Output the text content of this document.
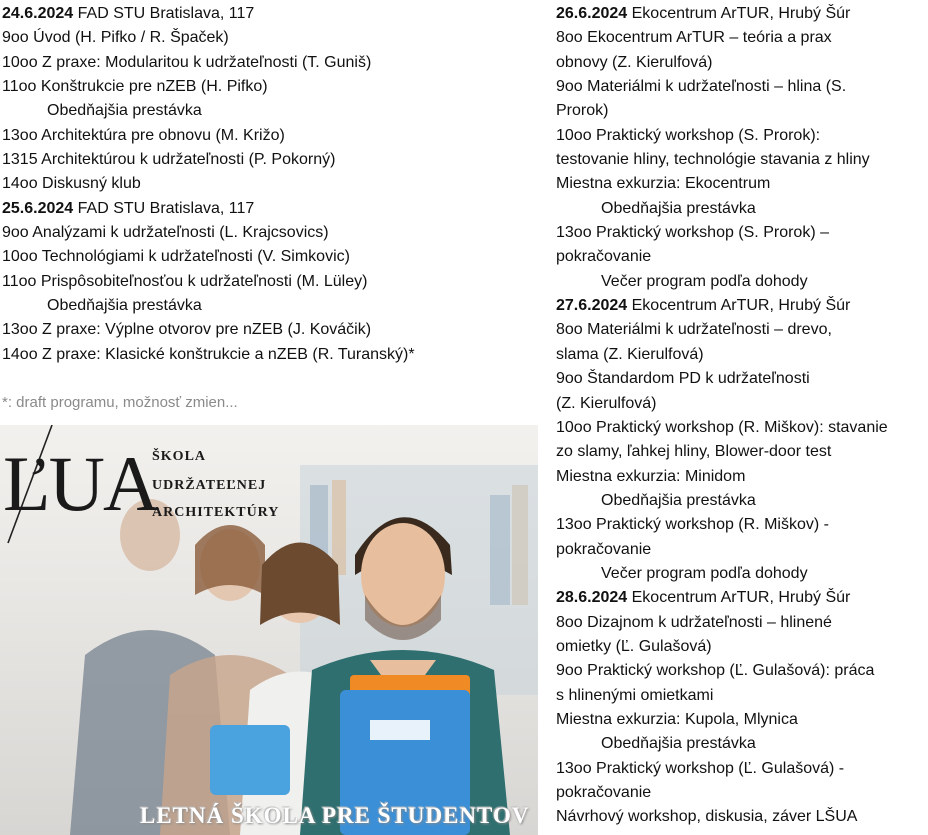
24.6.2024 FAD STU Bratislava, 117
9oo Úvod (H. Pifko / R. Špaček)
10oo Z praxe: Modularitou k udržateľnosti (T. Guniš)
11oo Konštrukcie pre nZEB (H. Pifko)
Obedňajšia prestávka
13oo Architektúra pre obnovu (M. Križo)
1315 Architektúrou k udržateľnosti (P. Pokorný)
14oo Diskusný klub
25.6.2024 FAD STU Bratislava, 117
9oo Analýzami k udržateľnosti (L. Krajcsovics)
10oo Technológiami k udržateľnosti (V. Simkovic)
11oo Prispôsobiteľnosťou k udržateľnosti (M. Lüley)
Obedňajšia prestávka
13oo Z praxe: Výplne otvorov pre nZEB (J. Kováčik)
14oo Z praxe: Klasické konštrukcie a nZEB (R. Turanský)*
*: draft programu, možnosť zmien...
ĽUA
ŠKOLA
UDRŽATEĽNEJ
ARCHITEKTÚRY
LETNÁ ŠKOLA PRE ŠTUDENTOV
26.6.2024 Ekocentrum ArTUR, Hrubý Šúr
8oo Ekocentrum ArTUR – teória a prax
obnovy (Z. Kierulfová)
9oo Materiálmi k udržateľnosti – hlina (S.
Prorok)
10oo Praktický workshop (S. Prorok):
testovanie hliny, technológie stavania z hliny
Miestna exkurzia: Ekocentrum
Obedňajšia prestávka
13oo Praktický workshop (S. Prorok) –
pokračovanie
Večer program podľa dohody
27.6.2024 Ekocentrum ArTUR, Hrubý Šúr
8oo Materiálmi k udržateľnosti – drevo,
slama (Z. Kierulfová)
9oo Štandardom PD k udržateľnosti
(Z. Kierulfová)
10oo Praktický workshop (R. Miškov): stavanie
zo slamy, ľahkej hliny, Blower-door test
Miestna exkurzia: Minidom
Obedňajšia prestávka
13oo Praktický workshop (R. Miškov) -
pokračovanie
Večer program podľa dohody
28.6.2024 Ekocentrum ArTUR, Hrubý Šúr
8oo Dizajnom k udržateľnosti – hlinené
omietky (Ľ. Gulašová)
9oo Praktický workshop (Ľ. Gulašová): práca
s hlinenými omietkami
Miestna exkurzia: Kupola, Mlynica
Obedňajšia prestávka
13oo Praktický workshop (Ľ. Gulašová) -
pokračovanie
Návrhový workshop, diskusia, záver LŠUA
